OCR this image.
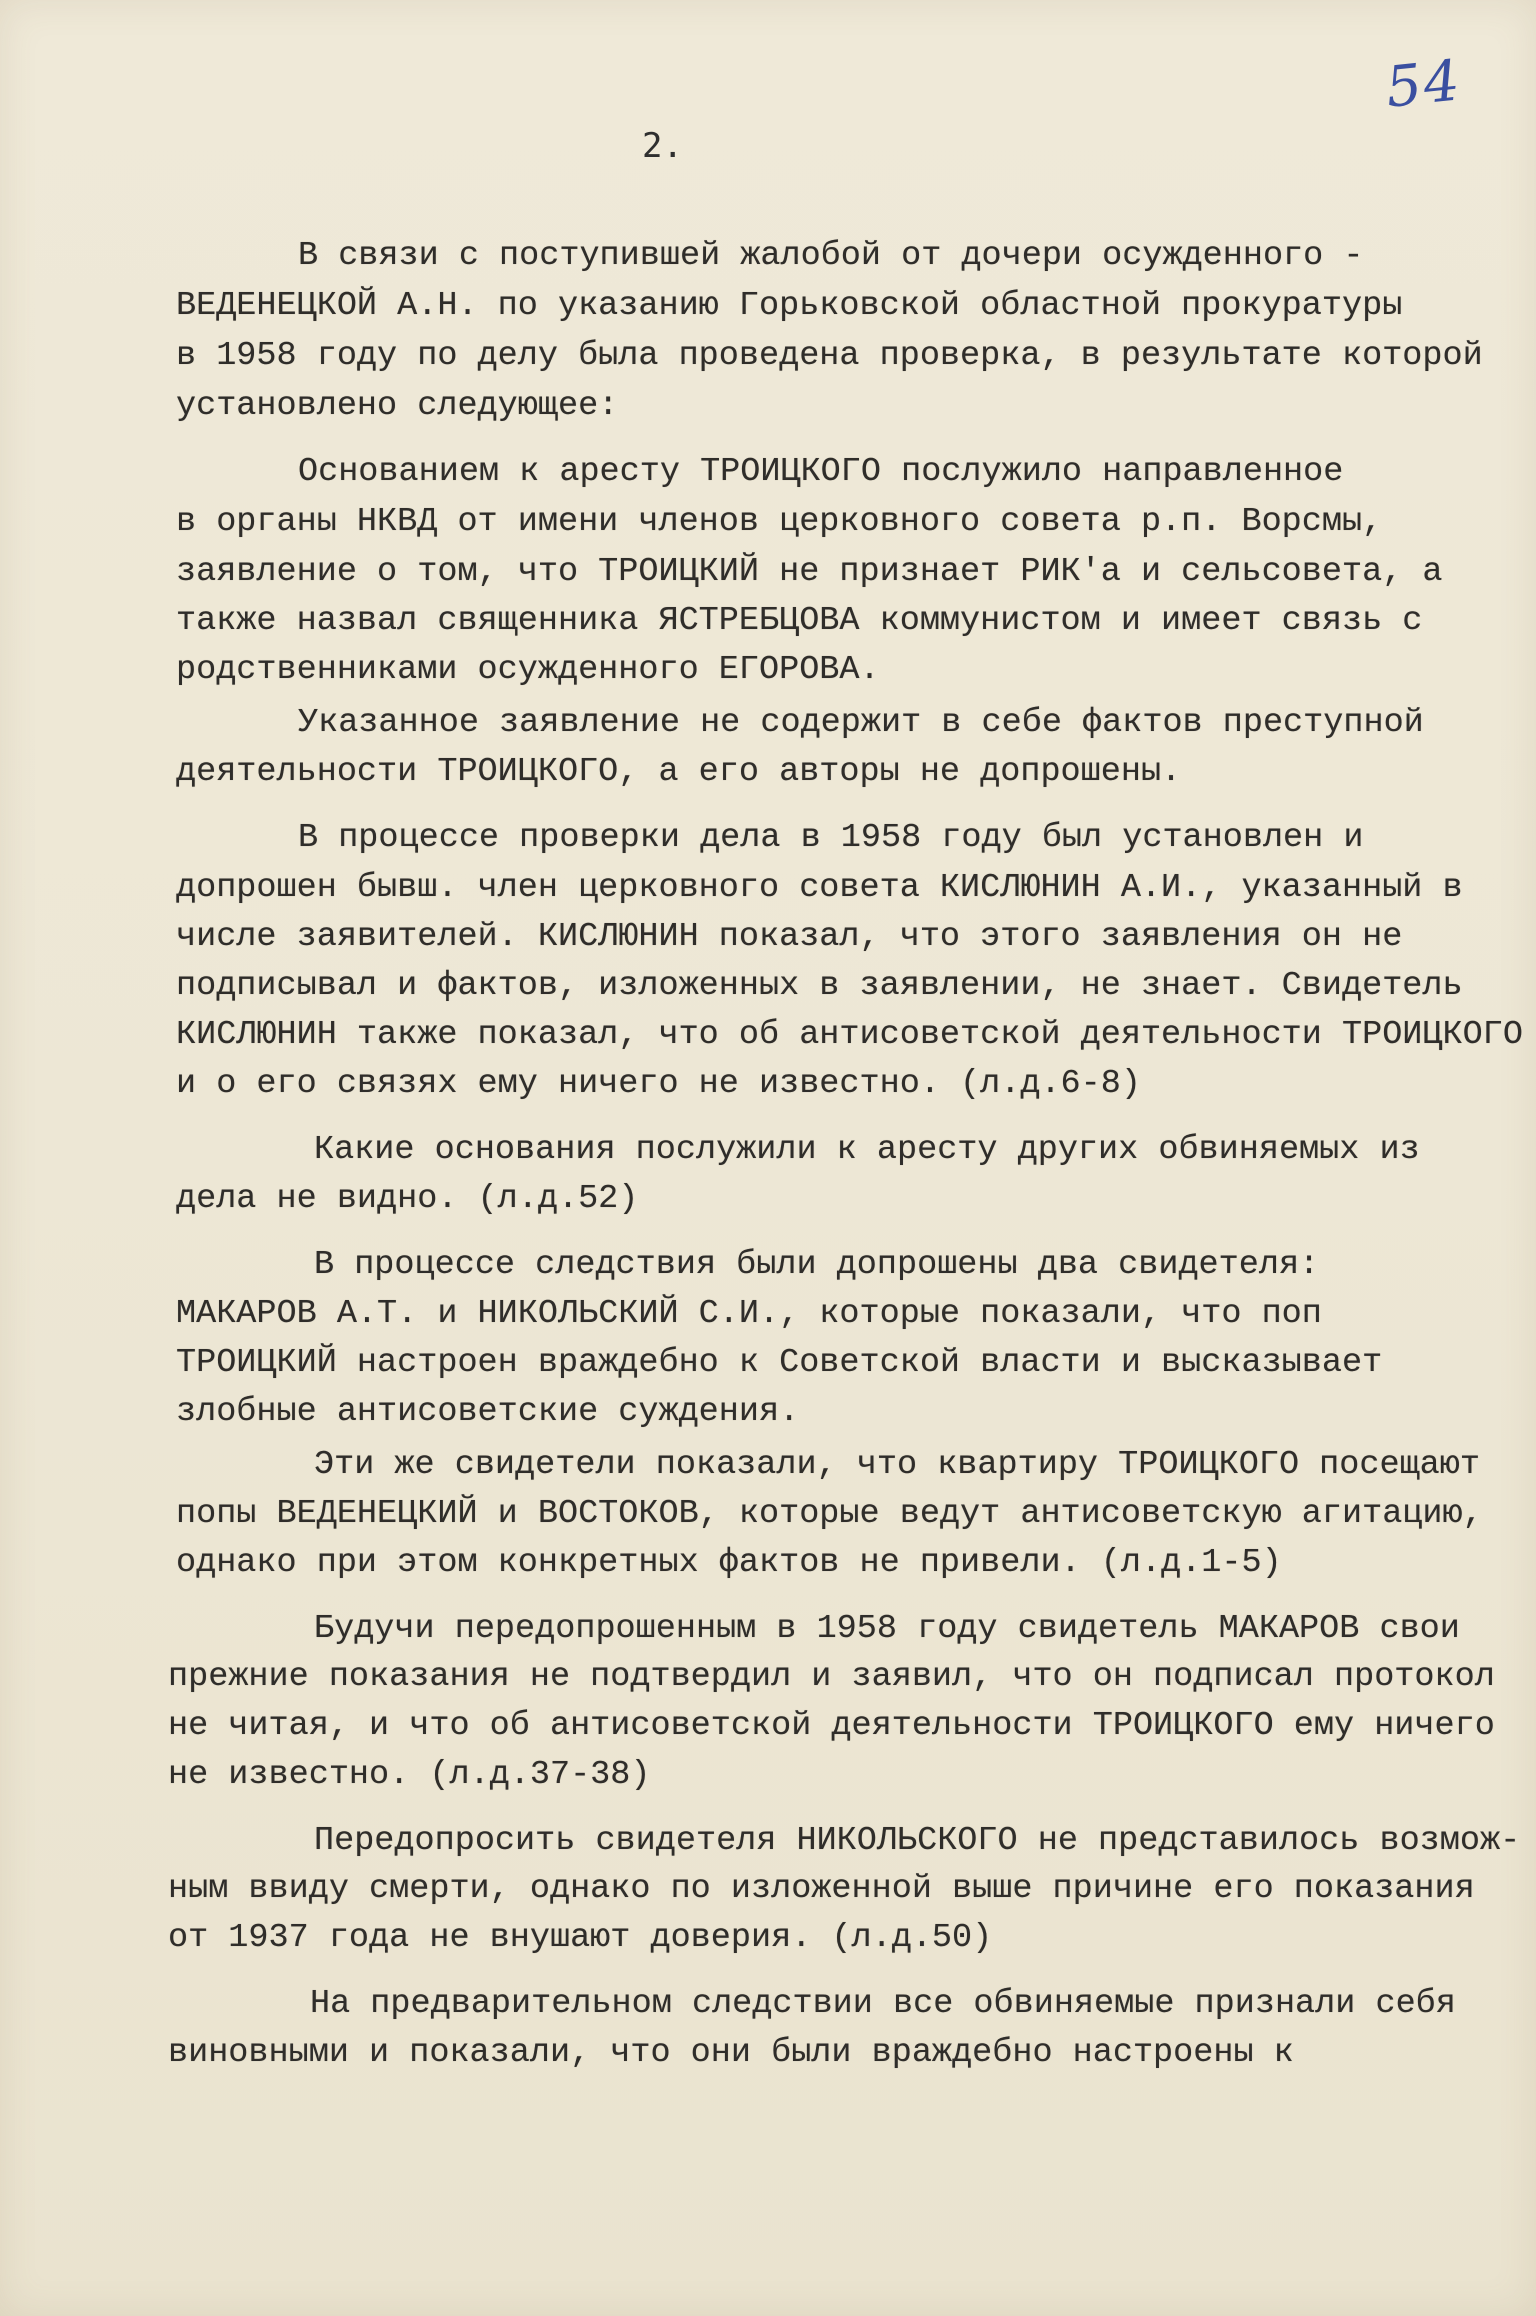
54
2.

В связи с поступившей жалобой от дочери осужденного -

ВЕДЕНЕЦКОЙ А.Н. по указанию Горьковской областной прокуратуры

в 1958 году по делу была проведена проверка, в результате которой

установлено следующее:

Основанием к аресту ТРОИЦКОГО послужило направленное

в органы НКВД от имени членов церковного совета р.п. Ворсмы,

заявление о том, что ТРОИЦКИЙ не признает РИК'а и сельсовета, а

также назвал священника ЯСТРЕБЦОВА коммунистом и имеет связь с

родственниками осужденного ЕГОРОВА.

Указанное заявление не содержит в себе фактов преступной

деятельности ТРОИЦКОГО, а его авторы не допрошены.

В процессе проверки дела в 1958 году был установлен и

допрошен бывш. член церковного совета КИСЛЮНИН А.И., указанный в

числе заявителей. КИСЛЮНИН показал, что этого заявления он не

подписывал и фактов, изложенных в заявлении, не знает. Свидетель

КИСЛЮНИН также показал, что об антисоветской деятельности ТРОИЦКОГО

и о его связях ему ничего не известно. (л.д.6-8)

Какие основания послужили к аресту других обвиняемых из

дела не видно. (л.д.52)

В процессе следствия были допрошены два свидетеля:

МАКАРОВ А.Т. и НИКОЛЬСКИЙ С.И., которые показали, что поп

ТРОИЦКИЙ настроен враждебно к Советской власти и высказывает

злобные антисоветские суждения.

Эти же свидетели показали, что квартиру ТРОИЦКОГО посещают

попы ВЕДЕНЕЦКИЙ и ВОСТОКОВ, которые ведут антисоветскую агитацию,

однако при этом конкретных фактов не привели. (л.д.1-5)

Будучи передопрошенным в 1958 году свидетель МАКАРОВ свои

прежние показания не подтвердил и заявил, что он подписал протокол

не читая, и что об антисоветской деятельности ТРОИЦКОГО ему ничего

не известно. (л.д.37-38)

Передопросить свидетеля НИКОЛЬСКОГО не представилось возмож-

ным ввиду смерти, однако по изложенной выше причине его показания

от 1937 года не внушают доверия. (л.д.50)

На предварительном следствии все обвиняемые признали себя

виновными и показали, что они были враждебно настроены к
